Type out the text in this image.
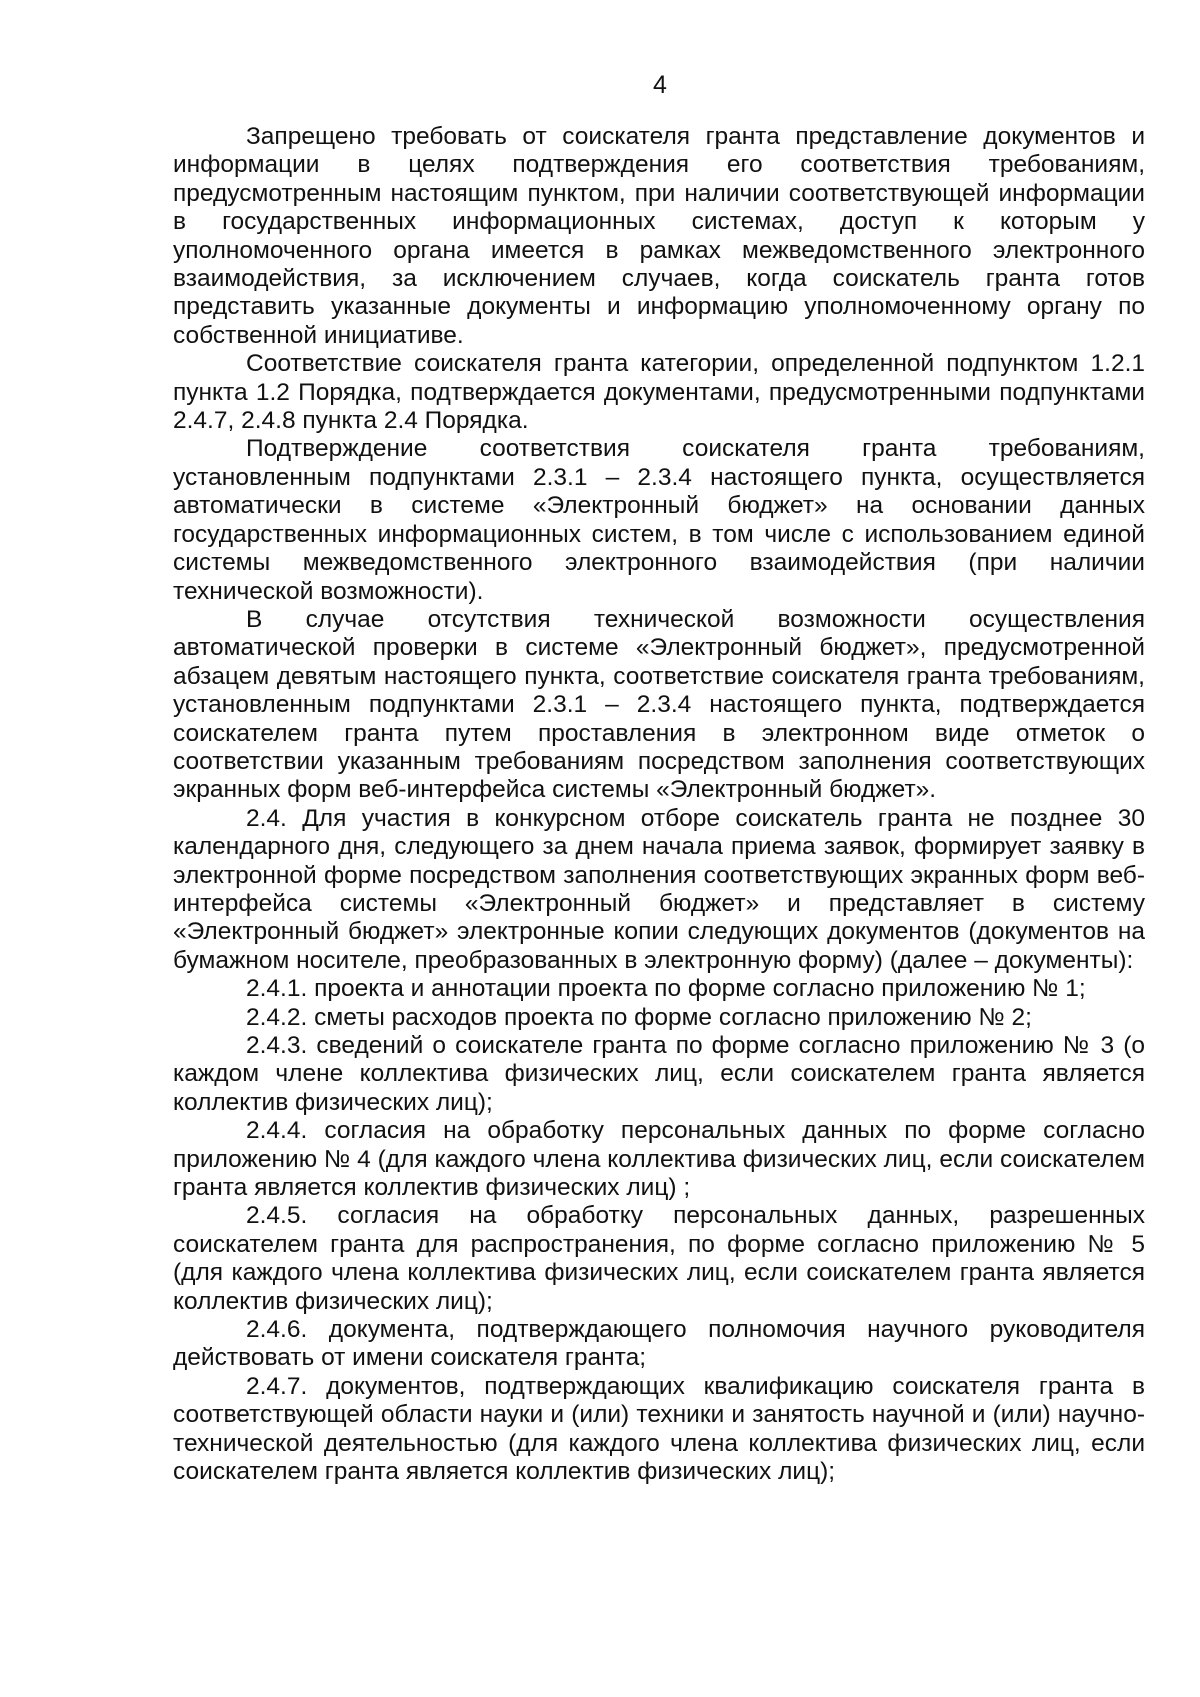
4

Запрещено требовать от соискателя гранта представление документов и информации в целях подтверждения его соответствия требованиям, предусмотренным настоящим пунктом, при наличии соответствующей информации в государственных информационных системах, доступ к которым у уполномоченного органа имеется в рамках межведомственного электронного взаимодействия, за исключением случаев, когда соискатель гранта готов представить указанные документы и информацию уполномоченному органу по собственной инициативе.

Соответствие соискателя гранта категории, определенной подпунктом 1.2.1 пункта 1.2 Порядка, подтверждается документами, предусмотренными подпунктами 2.4.7, 2.4.8 пункта 2.4 Порядка.

Подтверждение соответствия соискателя гранта требованиям, установленным подпунктами 2.3.1 – 2.3.4 настоящего пункта, осуществляется автоматически в системе «Электронный бюджет» на основании данных государственных информационных систем, в том числе с использованием единой системы межведомственного электронного взаимодействия (при наличии технической возможности).

В случае отсутствия технической возможности осуществления автоматической проверки в системе «Электронный бюджет», предусмотренной абзацем девятым настоящего пункта, соответствие соискателя гранта требованиям, установленным подпунктами 2.3.1 – 2.3.4 настоящего пункта, подтверждается соискателем гранта путем проставления в электронном виде отметок о соответствии указанным требованиям посредством заполнения соответствующих экранных форм веб-интерфейса системы «Электронный бюджет».

2.4. Для участия в конкурсном отборе соискатель гранта не позднее 30 календарного дня, следующего за днем начала приема заявок, формирует заявку в электронной форме посредством заполнения соответствующих экранных форм веб-интерфейса системы «Электронный бюджет» и представляет в систему «Электронный бюджет» электронные копии следующих документов (документов на бумажном носителе, преобразованных в электронную форму) (далее – документы):

2.4.1. проекта и аннотации проекта по форме согласно приложению № 1;

2.4.2. сметы расходов проекта по форме согласно приложению № 2;

2.4.3. сведений о соискателе гранта по форме согласно приложению № 3 (о каждом члене коллектива физических лиц, если соискателем гранта является коллектив физических лиц);

2.4.4. согласия на обработку персональных данных по форме согласно приложению № 4 (для каждого члена коллектива физических лиц, если соискателем гранта является коллектив физических лиц) ;

2.4.5. согласия на обработку персональных данных, разрешенных соискателем гранта для распространения, по форме согласно приложению № 5 (для каждого члена коллектива физических лиц, если соискателем гранта является коллектив физических лиц);

2.4.6. документа, подтверждающего полномочия научного руководителя действовать от имени соискателя гранта;

2.4.7. документов, подтверждающих квалификацию соискателя гранта в соответствующей области науки и (или) техники и занятость научной и (или) научно-технической деятельностью (для каждого члена коллектива физических лиц, если соискателем гранта является коллектив физических лиц);
